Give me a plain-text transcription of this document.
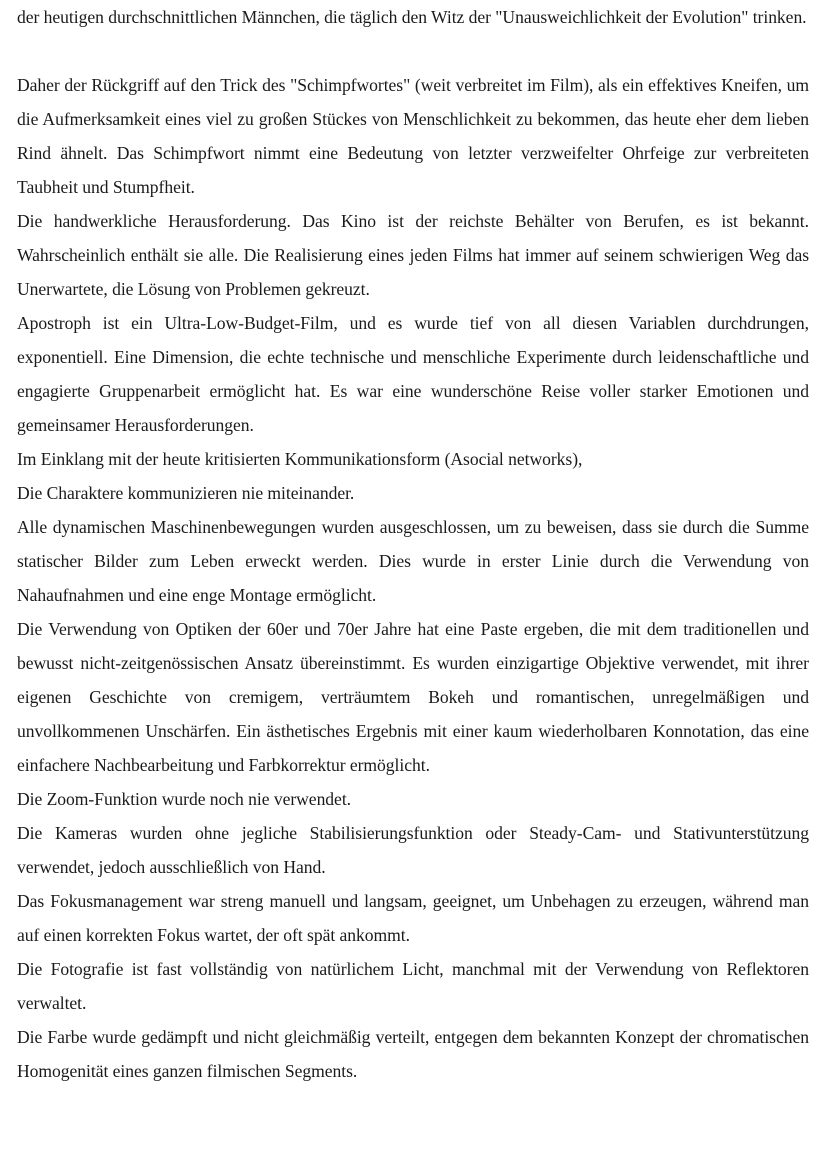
der heutigen durchschnittlichen Männchen, die täglich den Witz der "Unausweichlichkeit der Evolution" trinken.

Daher der Rückgriff auf den Trick des "Schimpfwortes" (weit verbreitet im Film), als ein effektives Kneifen, um die Aufmerksamkeit eines viel zu großen Stückes von Menschlichkeit zu bekommen, das heute eher dem lieben Rind ähnelt. Das Schimpfwort nimmt eine Bedeutung von letzter verzweifelter Ohrfeige zur verbreiteten Taubheit und Stumpfheit.

Die handwerkliche Herausforderung. Das Kino ist der reichste Behälter von Berufen, es ist bekannt. Wahrscheinlich enthält sie alle. Die Realisierung eines jeden Films hat immer auf seinem schwierigen Weg das Unerwartete, die Lösung von Problemen gekreuzt.

Apostroph ist ein Ultra-Low-Budget-Film, und es wurde tief von all diesen Variablen durchdrungen, exponentiell. Eine Dimension, die echte technische und menschliche Experimente durch leidenschaftliche und engagierte Gruppenarbeit ermöglicht hat. Es war eine wunderschöne Reise voller starker Emotionen und gemeinsamer Herausforderungen.

Im Einklang mit der heute kritisierten Kommunikationsform (Asocial networks),

Die Charaktere kommunizieren nie miteinander.

Alle dynamischen Maschinenbewegungen wurden ausgeschlossen, um zu beweisen, dass sie durch die Summe statischer Bilder zum Leben erweckt werden. Dies wurde in erster Linie durch die Verwendung von Nahaufnahmen und eine enge Montage ermöglicht.

Die Verwendung von Optiken der 60er und 70er Jahre hat eine Paste ergeben, die mit dem traditionellen und bewusst nicht-zeitgenössischen Ansatz übereinstimmt. Es wurden einzigartige Objektive verwendet, mit ihrer eigenen Geschichte von cremigem, verträumtem Bokeh und romantischen, unregelmäßigen und unvollkommenen Unschärfen. Ein ästhetisches Ergebnis mit einer kaum wiederholbaren Konnotation, das eine einfachere Nachbearbeitung und Farbkorrektur ermöglicht.

Die Zoom-Funktion wurde noch nie verwendet.

Die Kameras wurden ohne jegliche Stabilisierungsfunktion oder Steady-Cam- und Stativunterstützung verwendet, jedoch ausschließlich von Hand.

Das Fokusmanagement war streng manuell und langsam, geeignet, um Unbehagen zu erzeugen, während man auf einen korrekten Fokus wartet, der oft spät ankommt.

Die Fotografie ist fast vollständig von natürlichem Licht, manchmal mit der Verwendung von Reflektoren verwaltet.

Die Farbe wurde gedämpft und nicht gleichmäßig verteilt, entgegen dem bekannten Konzept der chromatischen Homogenität eines ganzen filmischen Segments.
